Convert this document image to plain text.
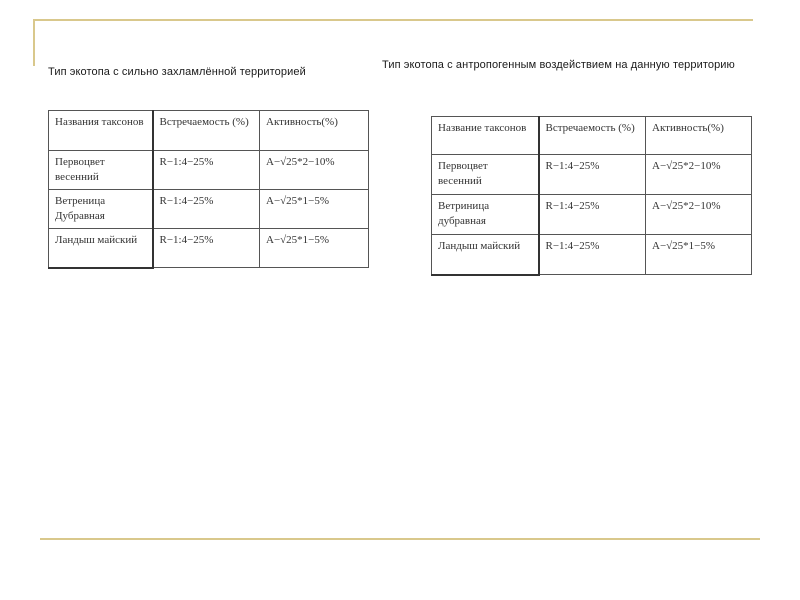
Тип экотопа с сильно захламлённой территорией
Тип экотопа с антропогенным воздействием на данную территорию
Названия таксонов	Встречаемость (%)	Активность(%)
Первоцвет весенний	R−1:4−25%	A−√25*2−10%
Ветреница Дубравная	R−1:4−25%	A−√25*1−5%
Ландыш майский	R−1:4−25%	A−√25*1−5%
Название таксонов	Встречаемость (%)	Активность(%)
Первоцвет весенний	R−1:4−25%	A−√25*2−10%
Ветриница дубравная	R−1:4−25%	A−√25*2−10%
Ландыш майский	R−1:4−25%	A−√25*1−5%
